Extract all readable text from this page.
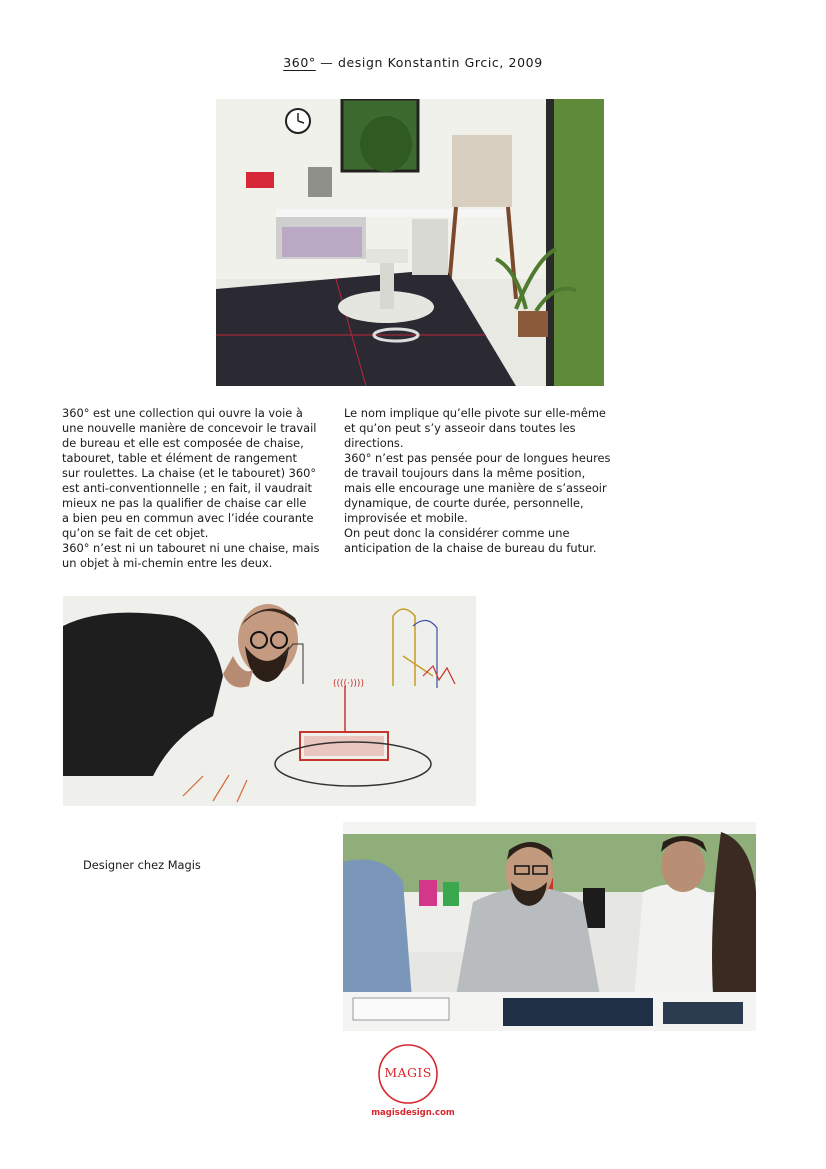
360° — design Konstantin Grcic, 2009

360° est une collection qui ouvre la voie à

une nouvelle manière de concevoir le travail

de bureau et elle est composée de chaise,

tabouret, table et élément de rangement

sur roulettes. La chaise (et le tabouret) 360°

est anti-conventionnelle ; en fait, il vaudrait

mieux ne pas la qualifier de chaise car elle

a bien peu en commun avec l’idée courante

qu’on se fait de cet objet.

360° n’est ni un tabouret ni une chaise, mais

un objet à mi-chemin entre les deux.

Le nom implique qu’elle pivote sur elle-même

et qu’on peut s’y asseoir dans toutes les

directions.

360° n’est pas pensée pour de longues heures

de travail toujours dans la même position,

mais elle encourage une manière de s’asseoir

dynamique, de courte durée, personnelle,

improvisée et mobile.

On peut donc la considérer comme une

anticipation de la chaise de bureau du futur.

((((·))))
Designer chez Magis
MAGIS
magisdesign.com
